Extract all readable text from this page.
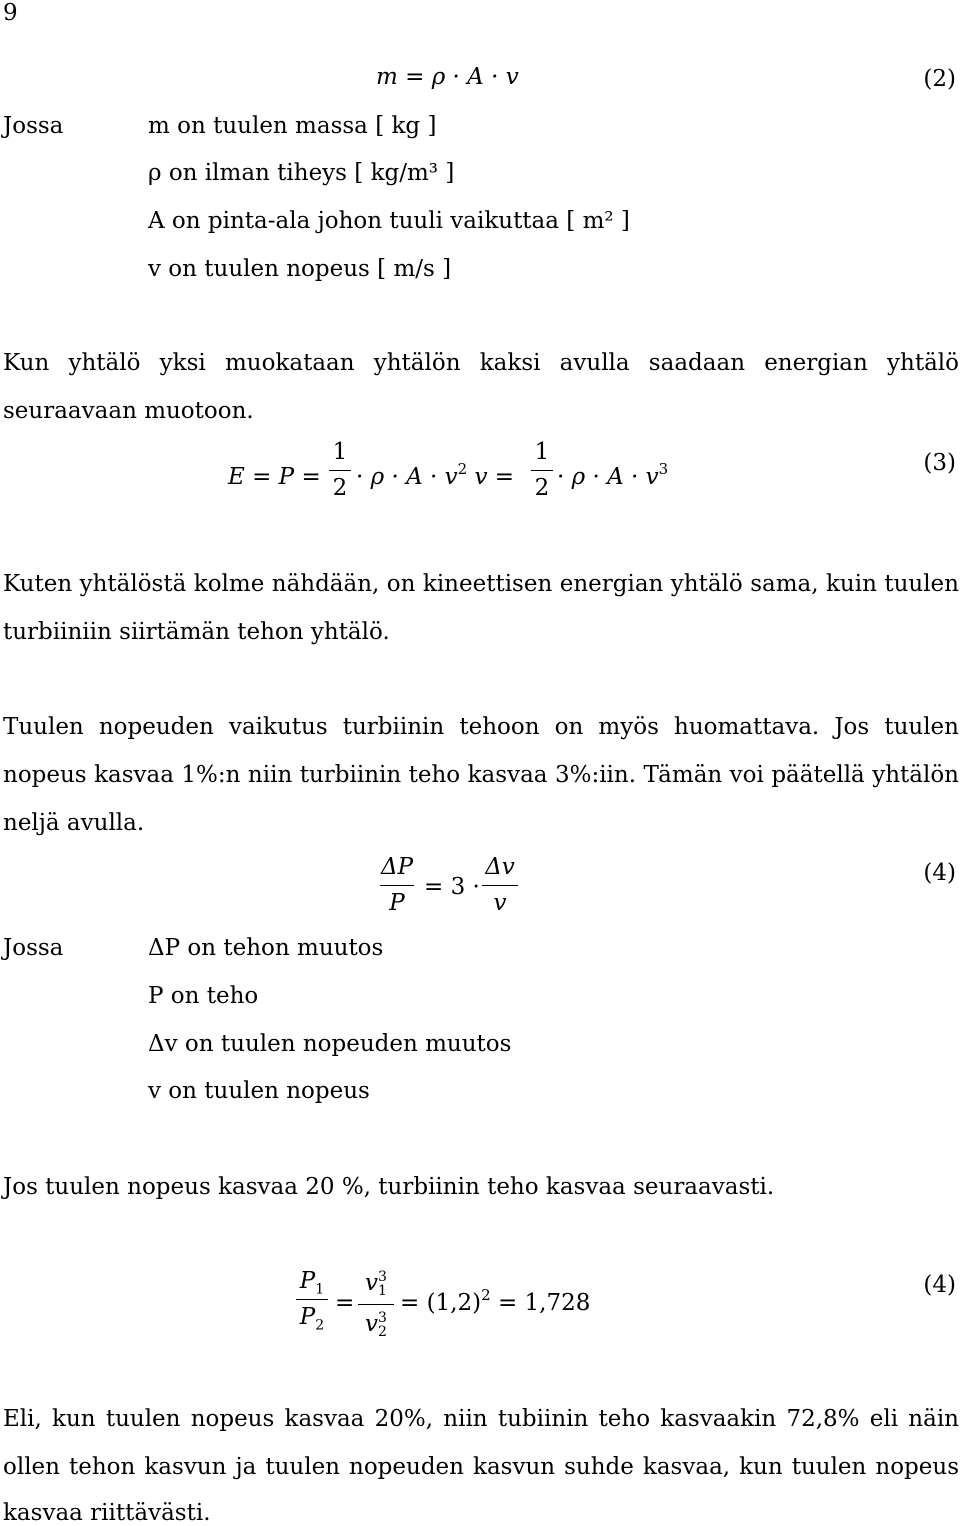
9
m = ρ · A · v	(2)
Jossa	m on tuulen massa [ kg ]
ρ on ilman tiheys [ kg/m³ ]
A on pinta-ala johon tuuli vaikuttaa [ m² ]
v on tuulen nopeus [ m/s ]
Kun yhtälö yksi muokataan yhtälön kaksi avulla saadaan energian yhtälö
seuraavaan muotoon.
E = P =
1
$2 \cdot \rho \cdot A \cdot v^2$ v =
1
$2 \cdot \rho \cdot A \cdot v^3$	(3)
Kuten yhtälöstä kolme nähdään, on kineettisen energian yhtälö sama, kuin tuulen
turbiiniin siirtämän tehon yhtälö.
Tuulen nopeuden vaikutus turbiinin tehoon on myös huomattava. Jos tuulen
nopeus kasvaa 1%:n niin turbiinin teho kasvaa 3%:iin. Tämän voi päätellä yhtälön
neljä avulla.
ΔP
P
= 3 ·
Δv
v
(4)
Jossa	ΔP on tehon muutos
P on teho
Δv on tuulen nopeuden muutos
v on tuulen nopeus
Jos tuulen nopeus kasvaa 20 %, turbiinin teho kasvaa seuraavasti.
$P_1$
$P_2$
=
v 3
1
v 3
2
= $(1,2)^2 = 1,728$
(4)
Eli, kun tuulen nopeus kasvaa 20%, niin tubiinin teho kasvaakin 72,8% eli näin
ollen tehon kasvun ja tuulen nopeuden kasvun suhde kasvaa, kun tuulen nopeus
kasvaa riittävästi.
